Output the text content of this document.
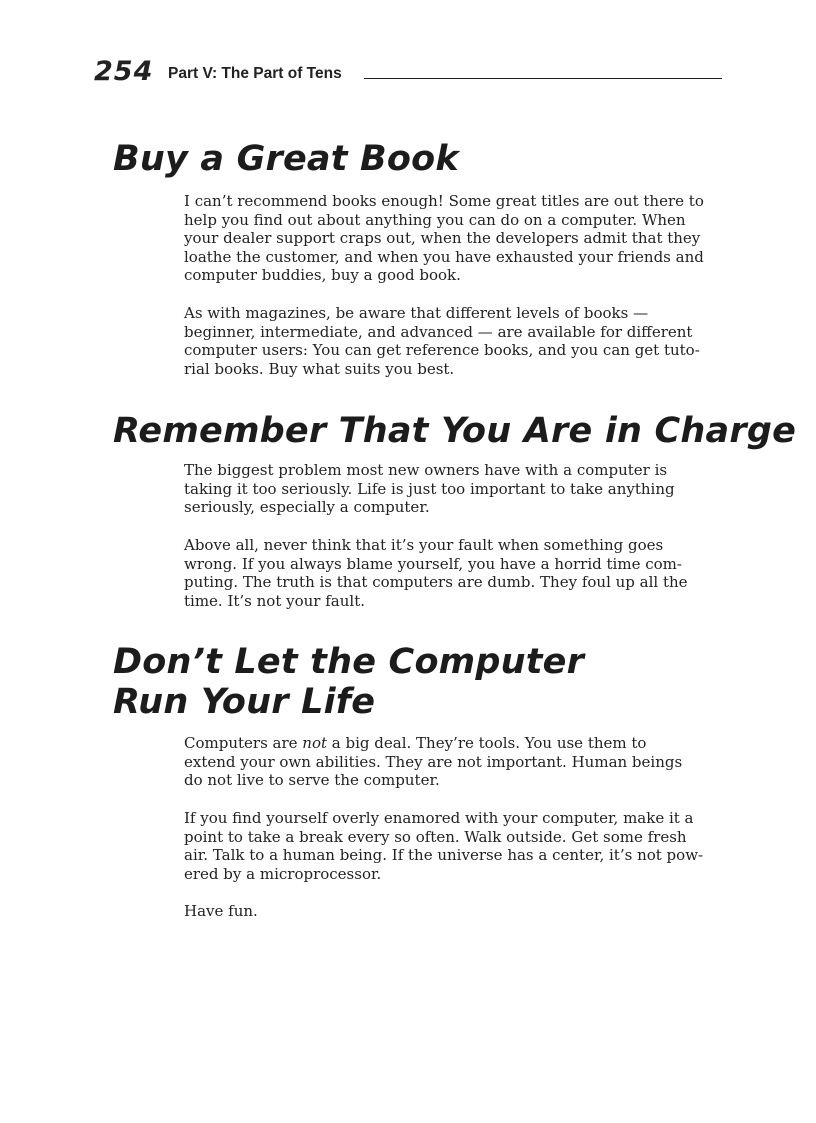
254 Part V: The Part of Tens
Buy a Great Book

I can’t recommend books enough! Some great titles are out there to
help you find out about anything you can do on a computer. When
your dealer support craps out, when the developers admit that they
loathe the customer, and when you have exhausted your friends and
computer buddies, buy a good book.

As with magazines, be aware that different levels of books —
beginner, intermediate, and advanced — are available for different
computer users: You can get reference books, and you can get tuto-
rial books. Buy what suits you best.

Remember That You Are in Charge

The biggest problem most new owners have with a computer is
taking it too seriously. Life is just too important to take anything
seriously, especially a computer.

Above all, never think that it’s your fault when something goes
wrong. If you always blame yourself, you have a horrid time com-
puting. The truth is that computers are dumb. They foul up all the
time. It’s not your fault.

Don’t Let the Computer
Run Your Life

Computers are not a big deal. They’re tools. You use them to
extend your own abilities. They are not important. Human beings
do not live to serve the computer.

If you find yourself overly enamored with your computer, make it a
point to take a break every so often. Walk outside. Get some fresh
air. Talk to a human being. If the universe has a center, it’s not pow-
ered by a microprocessor.

Have fun.
